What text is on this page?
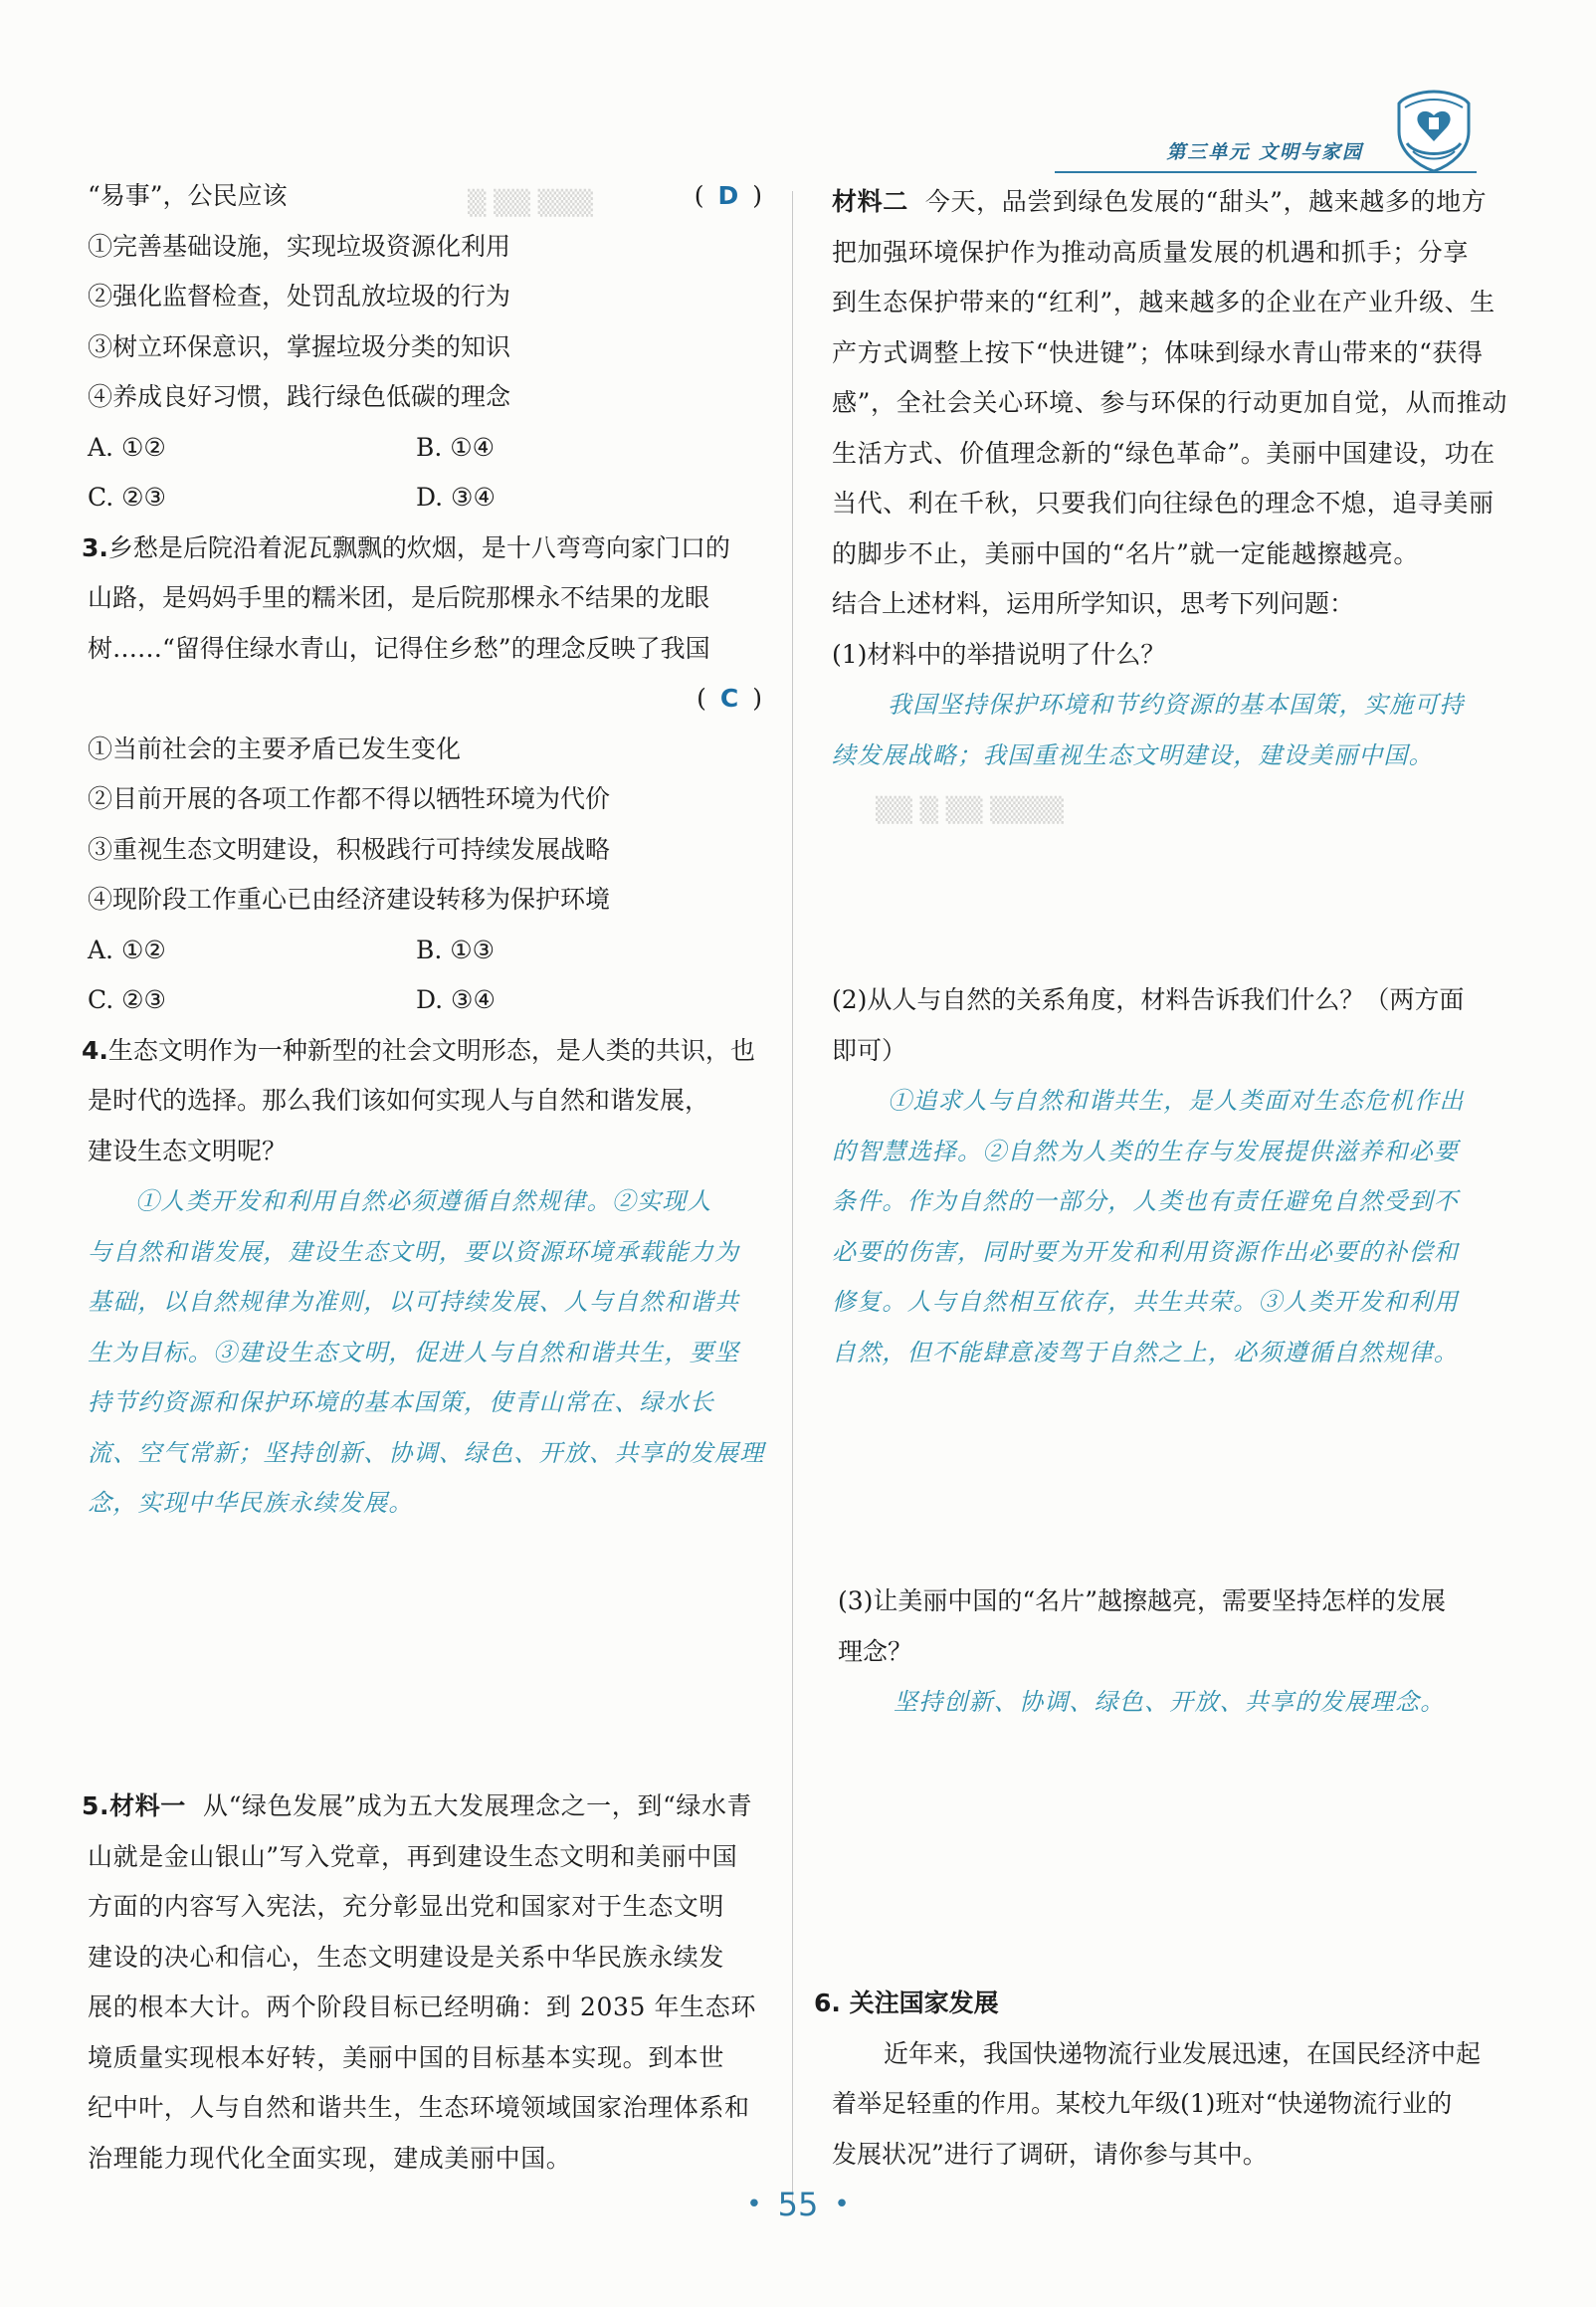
第三单元 文明与家园
▒ ▒▒ ▒▒▒
▒▒ ▒ ▒▒ ▒▒▒▒
“易事”，公民应该	( D )
①完善基础设施，实现垃圾资源化利用
②强化监督检查，处罚乱放垃圾的行为
③树立环保意识，掌握垃圾分类的知识
④养成良好习惯，践行绿色低碳的理念
A. ①②	B. ①④
C. ②③	D. ③④
3.乡愁是后院沿着泥瓦飘飘的炊烟，是十八弯弯向家门口的
山路，是妈妈手里的糯米团，是后院那棵永不结果的龙眼
树……“留得住绿水青山，记得住乡愁”的理念反映了我国
( C )
①当前社会的主要矛盾已发生变化
②目前开展的各项工作都不得以牺牲环境为代价
③重视生态文明建设，积极践行可持续发展战略
④现阶段工作重心已由经济建设转移为保护环境
A. ①②	B. ①③
C. ②③	D. ③④
4.生态文明作为一种新型的社会文明形态，是人类的共识，也
是时代的选择。那么我们该如何实现人与自然和谐发展，
建设生态文明呢？
①人类开发和利用自然必须遵循自然规律。②实现人
与自然和谐发展，建设生态文明，要以资源环境承载能力为
基础，以自然规律为准则，以可持续发展、人与自然和谐共
生为目标。③建设生态文明，促进人与自然和谐共生，要坚
持节约资源和保护环境的基本国策，使青山常在、绿水长
流、空气常新；坚持创新、协调、绿色、开放、共享的发展理
念，实现中华民族永续发展。
5.材料一 从“绿色发展”成为五大发展理念之一，到“绿水青
山就是金山银山”写入党章，再到建设生态文明和美丽中国
方面的内容写入宪法，充分彰显出党和国家对于生态文明
建设的决心和信心，生态文明建设是关系中华民族永续发
展的根本大计。两个阶段目标已经明确：到 2035 年生态环
境质量实现根本好转，美丽中国的目标基本实现。到本世
纪中叶，人与自然和谐共生，生态环境领域国家治理体系和
治理能力现代化全面实现，建成美丽中国。
材料二 今天，品尝到绿色发展的“甜头”，越来越多的地方
把加强环境保护作为推动高质量发展的机遇和抓手；分享
到生态保护带来的“红利”，越来越多的企业在产业升级、生
产方式调整上按下“快进键”；体味到绿水青山带来的“获得
感”，全社会关心环境、参与环保的行动更加自觉，从而推动
生活方式、价值理念新的“绿色革命”。美丽中国建设，功在
当代、利在千秋，只要我们向往绿色的理念不熄，追寻美丽
的脚步不止，美丽中国的“名片”就一定能越擦越亮。
结合上述材料，运用所学知识，思考下列问题：
(1)材料中的举措说明了什么？
我国坚持保护环境和节约资源的基本国策，实施可持
续发展战略；我国重视生态文明建设，建设美丽中国。
(2)从人与自然的关系角度，材料告诉我们什么？（两方面
即可）
①追求人与自然和谐共生，是人类面对生态危机作出
的智慧选择。②自然为人类的生存与发展提供滋养和必要
条件。作为自然的一部分，人类也有责任避免自然受到不
必要的伤害，同时要为开发和利用资源作出必要的补偿和
修复。人与自然相互依存，共生共荣。③人类开发和利用
自然，但不能肆意凌驾于自然之上，必须遵循自然规律。
(3)让美丽中国的“名片”越擦越亮，需要坚持怎样的发展
理念？
坚持创新、协调、绿色、开放、共享的发展理念。
6. 关注国家发展
近年来，我国快递物流行业发展迅速，在国民经济中起
着举足轻重的作用。某校九年级(1)班对“快递物流行业的
发展状况”进行了调研，请你参与其中。
• 55 •
